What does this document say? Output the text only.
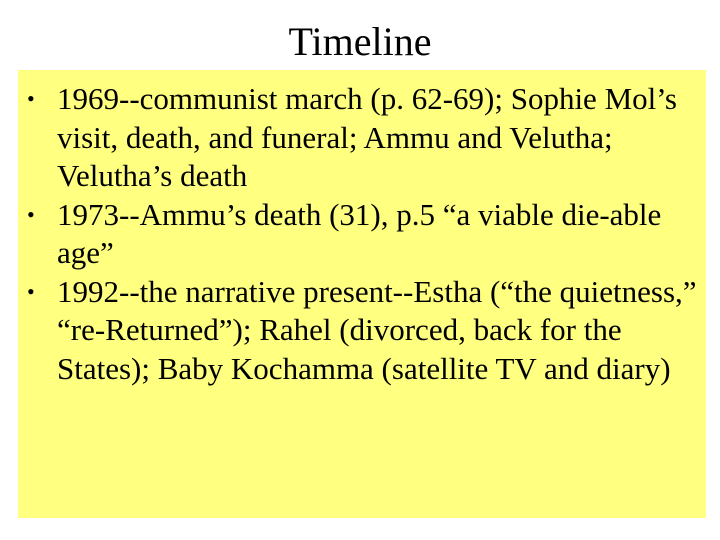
Timeline
• 1969--communist march (p. 62-69); Sophie Mol’s visit, death, and funeral; Ammu and Velutha; Velutha’s death
• 1973--Ammu’s death (31), p.5 “a viable die-able age”
• 1992--the narrative present--Estha (“the quietness,” “re-Returned”); Rahel (divorced, back for the States); Baby Kochamma (satellite TV and diary)
